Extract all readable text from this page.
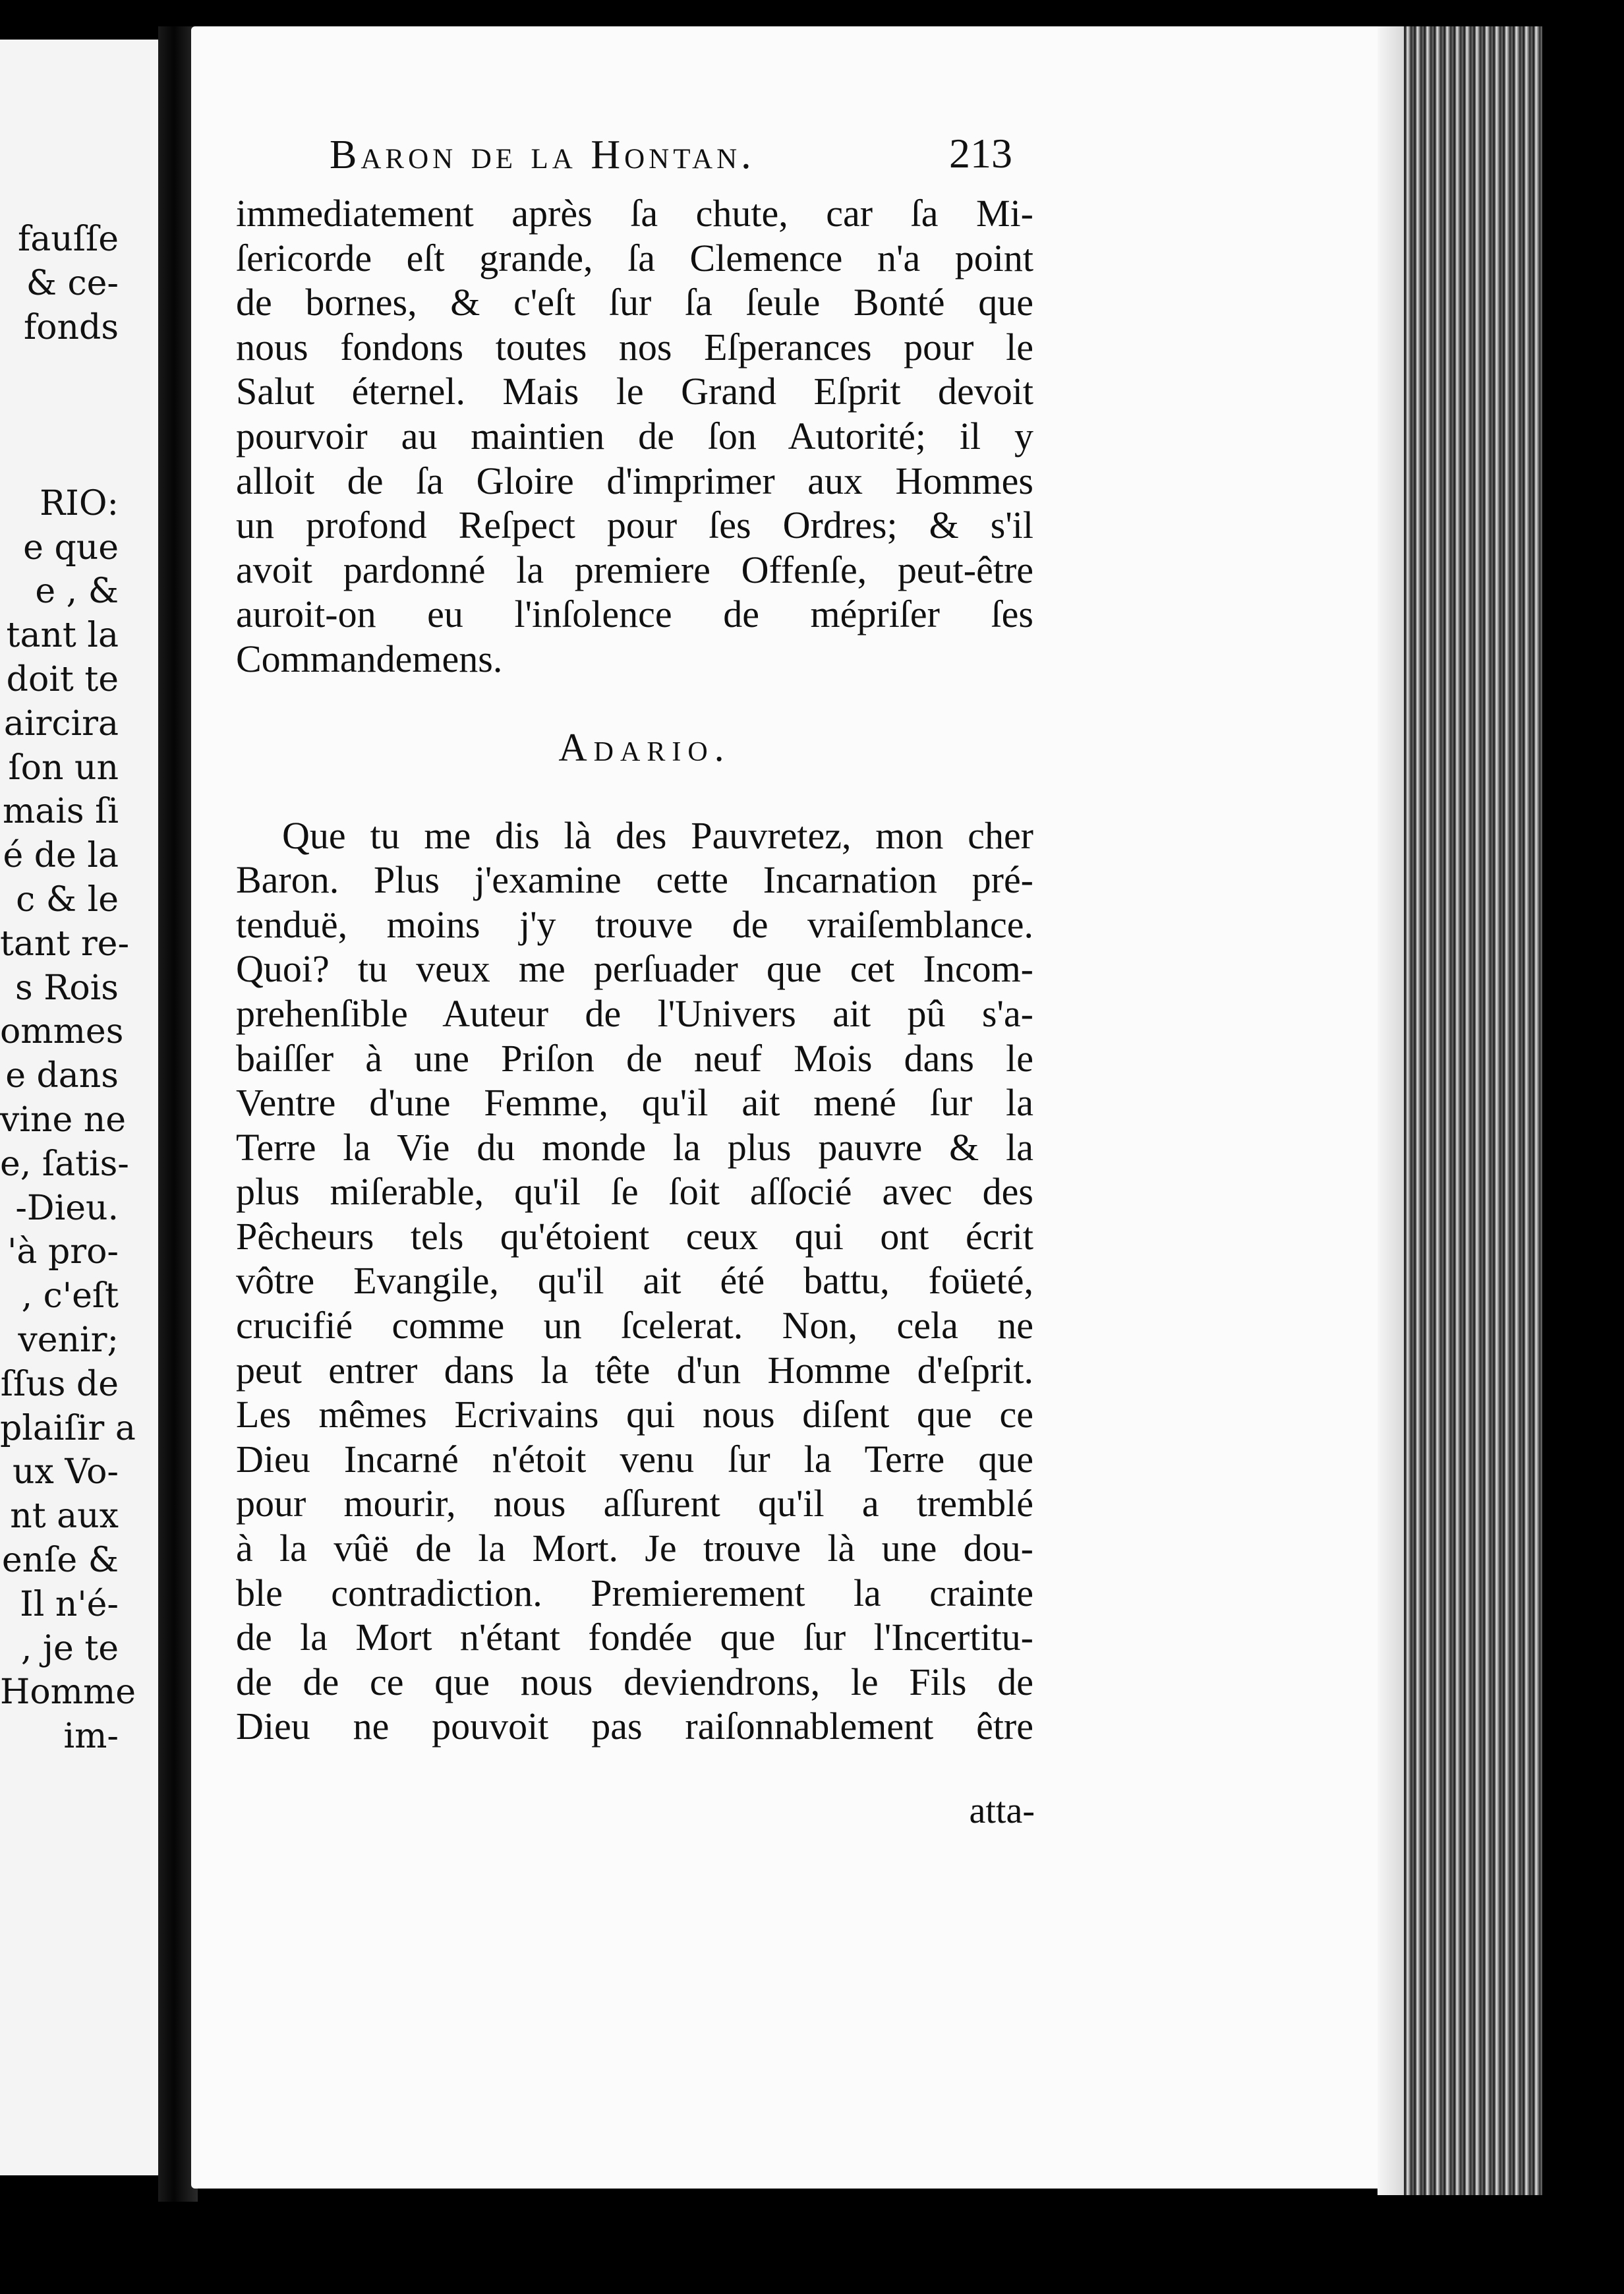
fauſſe
& ce-
fonds
RIO:
e que
e , &
tant la
doit te
aircira
ſon un
mais ſi
é de la
c & le
tant re-
s Rois
ommes
e dans
vine ne
e, ſatis-
-Dieu.
'à pro-
, c'eſt
venir;
ſſus de
plaiſir a
ux Vo-
nt aux
enſe &
Il n'é-
, je te
Homme
im-
Baron de la Hontan.	213
immediatement après ſa chute, car ſa Mi-
ſericorde eſt grande, ſa Clemence n'a point
de bornes, & c'eſt ſur ſa ſeule Bonté que
nous fondons toutes nos Eſperances pour le
Salut éternel. Mais le Grand Eſprit devoit
pourvoir au maintien de ſon Autorité; il y
alloit de ſa Gloire d'imprimer aux Hommes
un profond Reſpect pour ſes Ordres; & s'il
avoit pardonné la premiere Offenſe, peut-être
auroit-on eu l'inſolence de mépriſer ſes
Commandemens.
Adario.
Que tu me dis là des Pauvretez, mon cher
Baron. Plus j'examine cette Incarnation pré-
tenduë, moins j'y trouve de vraiſemblance.
Quoi? tu veux me perſuader que cet Incom-
prehenſible Auteur de l'Univers ait pû s'a-
baiſſer à une Priſon de neuf Mois dans le
Ventre d'une Femme, qu'il ait mené ſur la
Terre la Vie du monde la plus pauvre & la
plus miſerable, qu'il ſe ſoit aſſocié avec des
Pêcheurs tels qu'étoient ceux qui ont écrit
vôtre Evangile, qu'il ait été battu, foüeté,
crucifié comme un ſcelerat. Non, cela ne
peut entrer dans la tête d'un Homme d'eſprit.
Les mêmes Ecrivains qui nous diſent que ce
Dieu Incarné n'étoit venu ſur la Terre que
pour mourir, nous aſſurent qu'il a tremblé
à la vûë de la Mort. Je trouve là une dou-
ble contradiction. Premierement la crainte
de la Mort n'étant fondée que ſur l'Incertitu-
de de ce que nous deviendrons, le Fils de
Dieu ne pouvoit pas raiſonnablement être
atta-
